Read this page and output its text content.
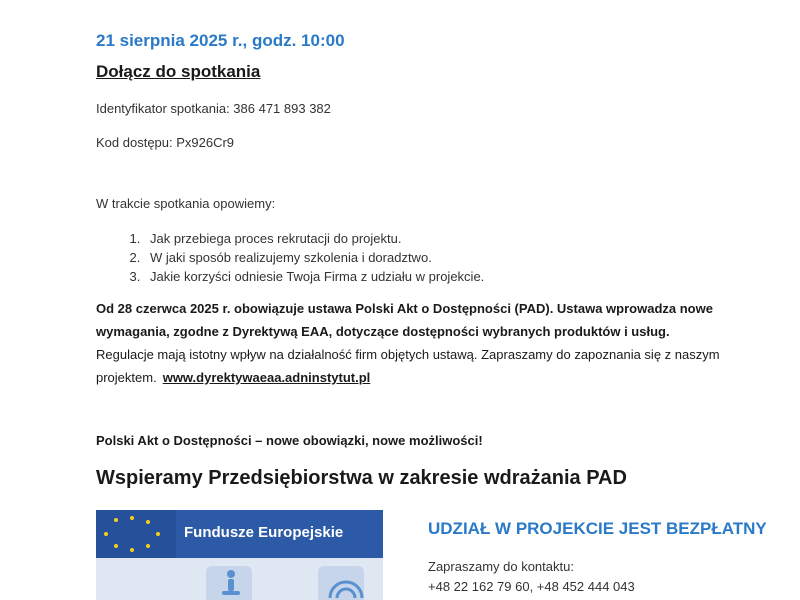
21 sierpnia 2025 r., godz. 10:00
Dołącz do spotkania
Identyfikator spotkania: 386 471 893 382
Kod dostępu: Px926Cr9
W trakcie spotkania opowiemy:
1. Jak przebiega proces rekrutacji do projektu.
2. W jaki sposób realizujemy szkolenia i doradztwo.
3. Jakie korzyści odniesie Twoja Firma z udziału w projekcie.
Od 28 czerwca 2025 r. obowiązuje ustawa Polski Akt o Dostępności (PAD). Ustawa wprowadza nowe wymagania, zgodne z Dyrektywą EAA, dotyczące dostępności wybranych produktów i usług. Regulacje mają istotny wpływ na działalność firm objętych ustawą. Zapraszamy do zapoznania się z naszym projektem. www.dyrektywaeaa.adninstytut.pl
Polski Akt o Dostępności – nowe obowiązki, nowe możliwości!
Wspieramy Przedsiębiorstwa w zakresie wdrażania PAD
Fundusze Europejskie	UDZIAŁ W PROJEKCIE JEST BEZPŁATNY
Zapraszamy do kontaktu:
+48 22 162 79 60, +48 452 444 043
